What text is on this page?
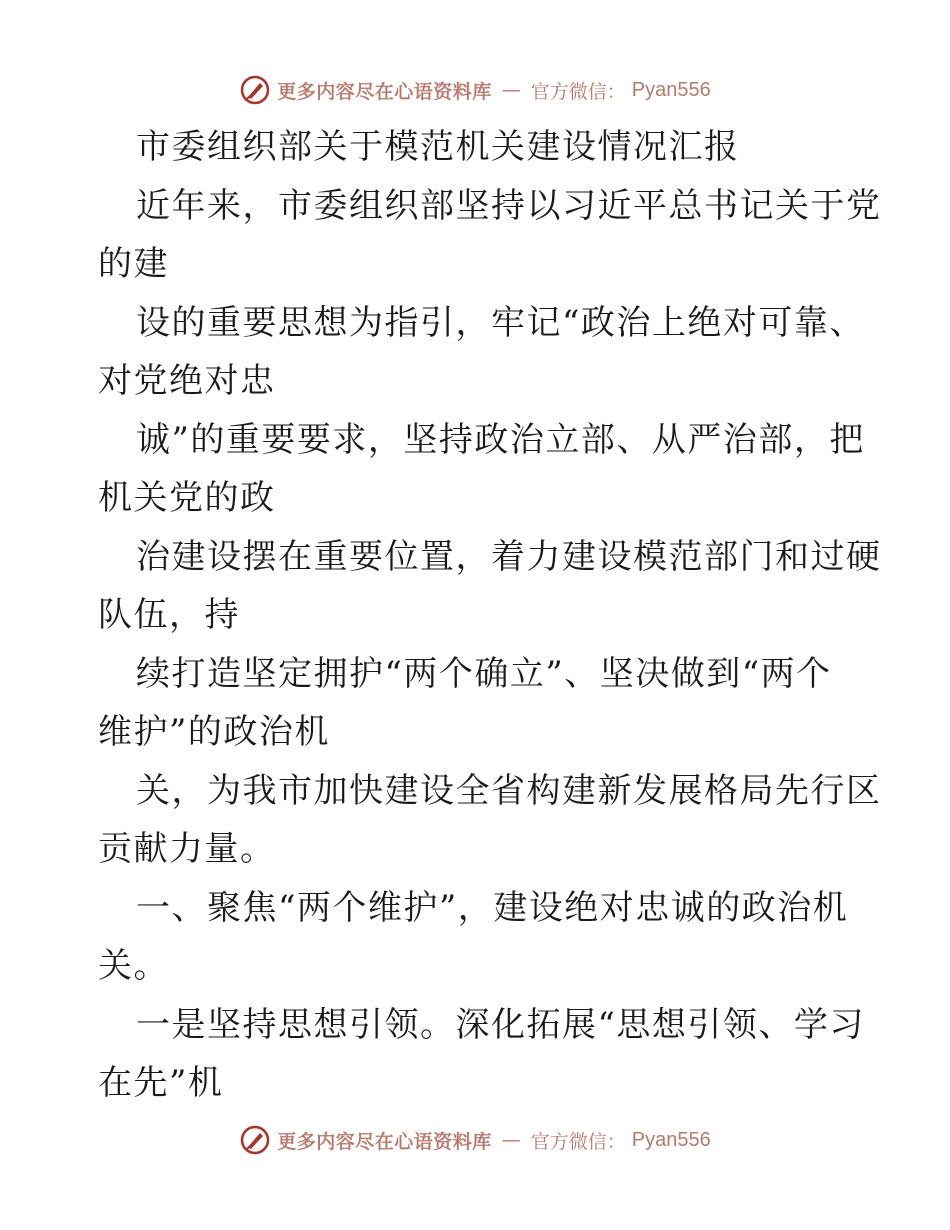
更多内容尽在心语资料库 — 官方微信： Pyan556

市委组织部关于模范机关建设情况汇报

近年来，市委组织部坚持以习近平总书记关于党

的建

设的重要思想为指引，牢记“政治上绝对可靠、

对党绝对忠

诚”的重要要求，坚持政治立部、从严治部，把

机关党的政

治建设摆在重要位置，着力建设模范部门和过硬

队伍，持

续打造坚定拥护“两个确立”、坚决做到“两个

维护”的政治机

关，为我市加快建设全省构建新发展格局先行区

贡献力量。

一、聚焦“两个维护”，建设绝对忠诚的政治机

关。

一是坚持思想引领。深化拓展“思想引领、学习

在先”机

更多内容尽在心语资料库 — 官方微信： Pyan556
